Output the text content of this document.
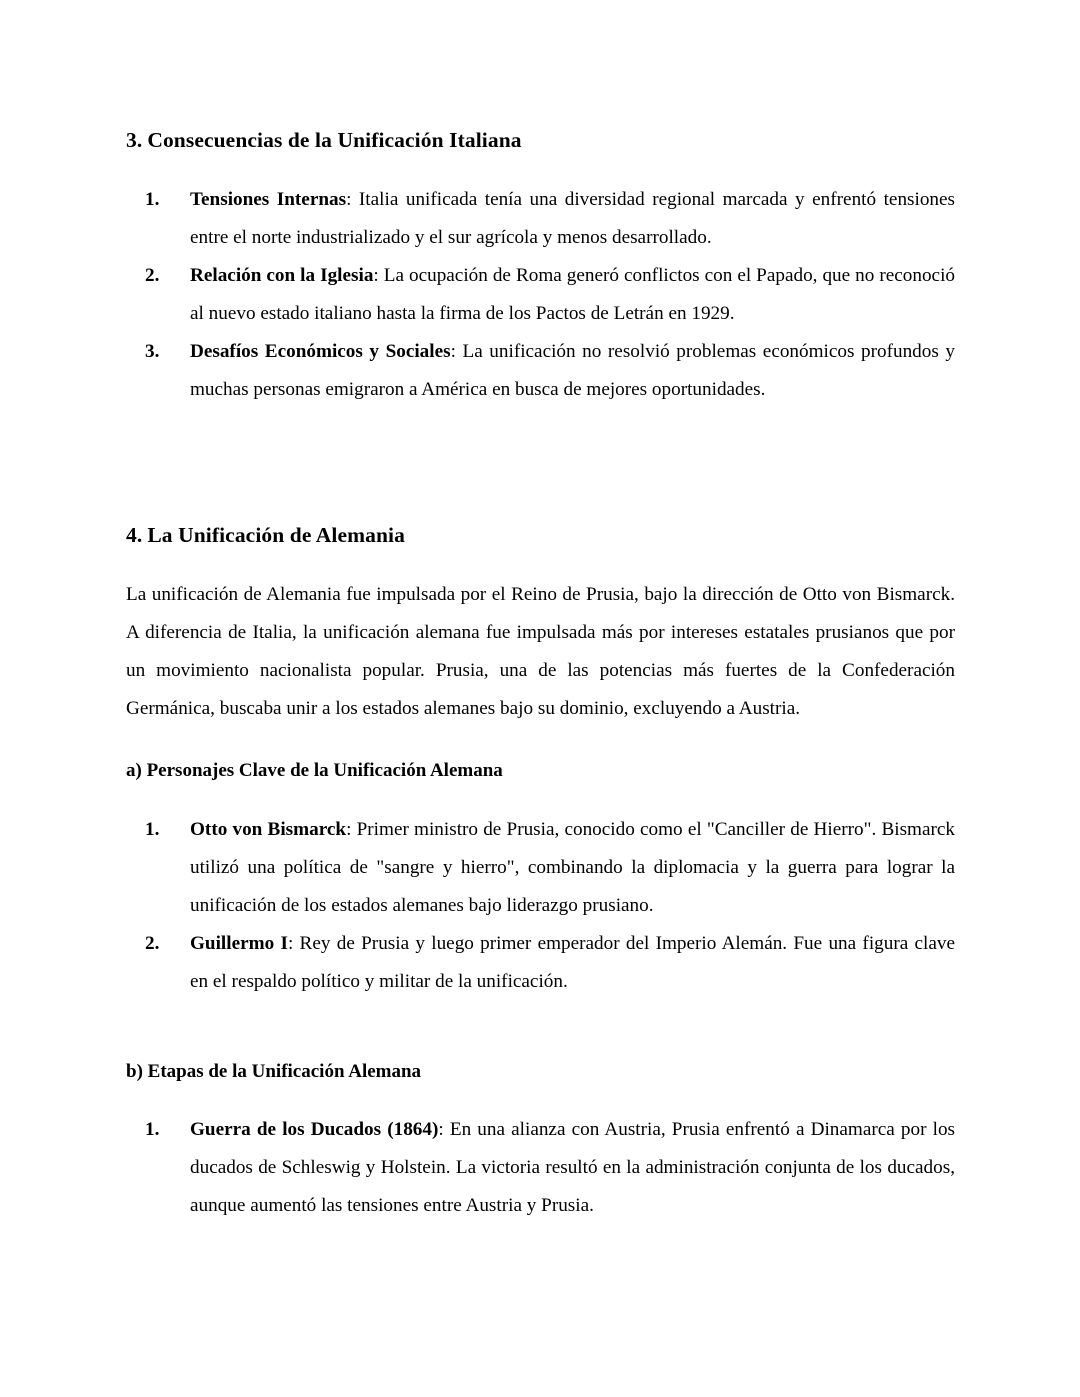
3. Consecuencias de la Unificación Italiana
1. Tensiones Internas: Italia unificada tenía una diversidad regional marcada y enfrentó tensiones entre el norte industrializado y el sur agrícola y menos desarrollado.
2. Relación con la Iglesia: La ocupación de Roma generó conflictos con el Papado, que no reconoció al nuevo estado italiano hasta la firma de los Pactos de Letrán en 1929.
3. Desafíos Económicos y Sociales: La unificación no resolvió problemas económicos profundos y muchas personas emigraron a América en busca de mejores oportunidades.
4. La Unificación de Alemania

La unificación de Alemania fue impulsada por el Reino de Prusia, bajo la dirección de Otto von Bismarck. A diferencia de Italia, la unificación alemana fue impulsada más por intereses estatales prusianos que por un movimiento nacionalista popular. Prusia, una de las potencias más fuertes de la Confederación Germánica, buscaba unir a los estados alemanes bajo su dominio, excluyendo a Austria.

a) Personajes Clave de la Unificación Alemana
1. Otto von Bismarck: Primer ministro de Prusia, conocido como el "Canciller de Hierro". Bismarck utilizó una política de "sangre y hierro", combinando la diplomacia y la guerra para lograr la unificación de los estados alemanes bajo liderazgo prusiano.
2. Guillermo I: Rey de Prusia y luego primer emperador del Imperio Alemán. Fue una figura clave en el respaldo político y militar de la unificación.
b) Etapas de la Unificación Alemana
1. Guerra de los Ducados (1864): En una alianza con Austria, Prusia enfrentó a Dinamarca por los ducados de Schleswig y Holstein. La victoria resultó en la administración conjunta de los ducados, aunque aumentó las tensiones entre Austria y Prusia.
